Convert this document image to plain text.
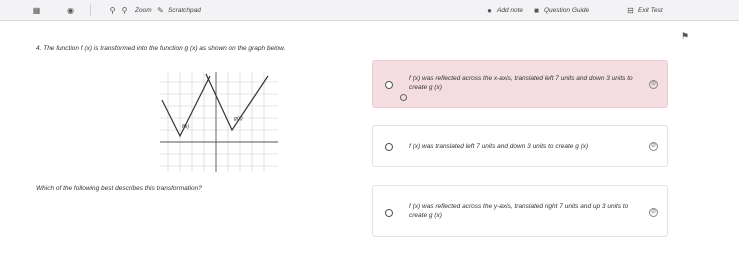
▦	◉	⚲ ⚲ Zoom ✎ Scratchpad	● Add note ■ Question Guide	⊟ Exit Test
⚑
4. The function f (x) is transformed into the function g (x) as shown on the graph below.
f(x)
g(x)
Which of the following best describes this transformation?
f (x) was reflected across the x-axis, translated left 7 units and down 3 units to create g (x)	⊘
f (x) was translated left 7 units and down 3 units to create g (x)	⊘
f (x) was reflected across the y-axis, translated right 7 units and up 3 units to create g (x)	⊘
